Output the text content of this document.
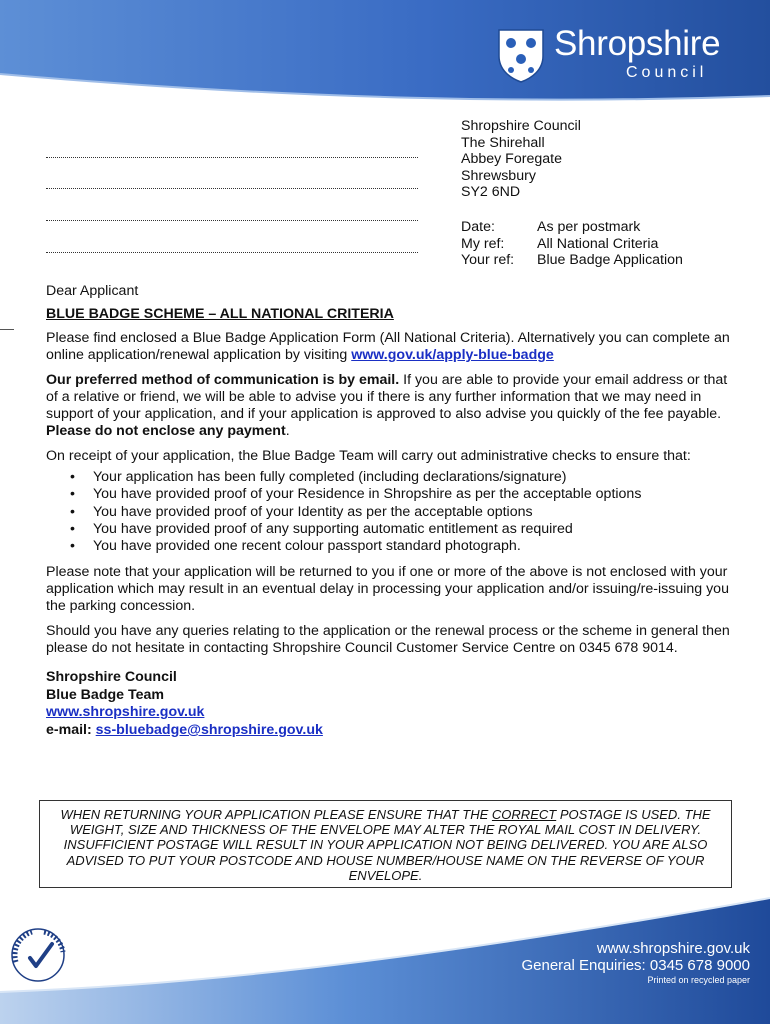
Shropshire
Council
Shropshire Council
The Shirehall
Abbey Foregate
Shrewsbury
SY2 6ND
Date:	As per postmark
My ref:	All National Criteria
Your ref:	Blue Badge Application
Dear Applicant
BLUE BADGE SCHEME – ALL NATIONAL CRITERIA
Please find enclosed a Blue Badge Application Form (All National Criteria). Alternatively you can complete an online application/renewal application by visiting www.gov.uk/apply-blue-badge
Our preferred method of communication is by email. If you are able to provide your email address or that of a relative or friend, we will be able to advise you if there is any further information that we may need in support of your application, and if your application is approved to also advise you quickly of the fee payable. Please do not enclose any payment.
On receipt of your application, the Blue Badge Team will carry out administrative checks to ensure that:
• Your application has been fully completed (including declarations/signature)
• You have provided proof of your Residence in Shropshire as per the acceptable options
• You have provided proof of your Identity as per the acceptable options
• You have provided proof of any supporting automatic entitlement as required
• You have provided one recent colour passport standard photograph.
Please note that your application will be returned to you if one or more of the above is not enclosed with your application which may result in an eventual delay in processing your application and/or issuing/re-issuing you the parking concession.
Should you have any queries relating to the application or the renewal process or the scheme in general then please do not hesitate in contacting Shropshire Council Customer Service Centre on 0345 678 9014.
Shropshire Council
Blue Badge Team
www.shropshire.gov.uk
e-mail: ss-bluebadge@shropshire.gov.uk
WHEN RETURNING YOUR APPLICATION PLEASE ENSURE THAT THE CORRECT POSTAGE IS USED. THE WEIGHT, SIZE AND THICKNESS OF THE ENVELOPE MAY ALTER THE ROYAL MAIL COST IN DELIVERY. INSUFFICIENT POSTAGE WILL RESULT IN YOUR APPLICATION NOT BEING DELIVERED. YOU ARE ALSO ADVISED TO PUT YOUR POSTCODE AND HOUSE NUMBER/HOUSE NAME ON THE REVERSE OF YOUR ENVELOPE.
www.shropshire.gov.uk
General Enquiries: 0345 678 9000
Printed on recycled paper
